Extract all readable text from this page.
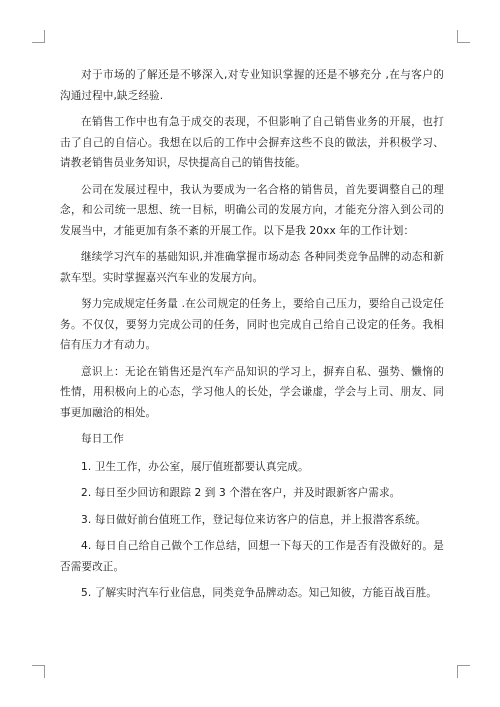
对于市场的了解还是不够深入,对专业知识掌握的还是不够充分 ,在与客户的沟通过程中,缺乏经验.

在销售工作中也有急于成交的表现，不但影响了自己销售业务的开展，也打击了自己的自信心。我想在以后的工作中会摒弃这些不良的做法，并积极学习、请教老销售员业务知识，尽快提高自己的销售技能。

公司在发展过程中，我认为要成为一名合格的销售员，首先要调整自己的理念，和公司统一思想、统一目标，明确公司的发展方向，才能充分溶入到公司的发展当中，才能更加有条不紊的开展工作。以下是我 20xx 年的工作计划：

继续学习汽车的基础知识,并准确掌握市场动态 各种同类竞争品牌的动态和新款车型。实时掌握嘉兴汽车业的发展方向。

努力完成规定任务量 .在公司规定的任务上，要给自己压力，要给自己设定任务。不仅仅，要努力完成公司的任务，同时也完成自己给自己设定的任务。我相信有压力才有动力。

意识上：无论在销售还是汽车产品知识的学习上，摒弃自私、强势、懒惰的性情，用积极向上的心态，学习他人的长处，学会谦虚，学会与上司、朋友、同事更加融洽的相处。

每日工作

1. 卫生工作，办公室，展厅值班都要认真完成。

2. 每日至少回访和跟踪 2 到 3 个潜在客户，并及时跟新客户需求。

3. 每日做好前台值班工作，登记每位来访客户的信息，并上报潜客系统。

4. 每日自己给自己做个工作总结，回想一下每天的工作是否有没做好的。是否需要改正。

5. 了解实时汽车行业信息，同类竞争品牌动态。知己知彼，方能百战百胜。
